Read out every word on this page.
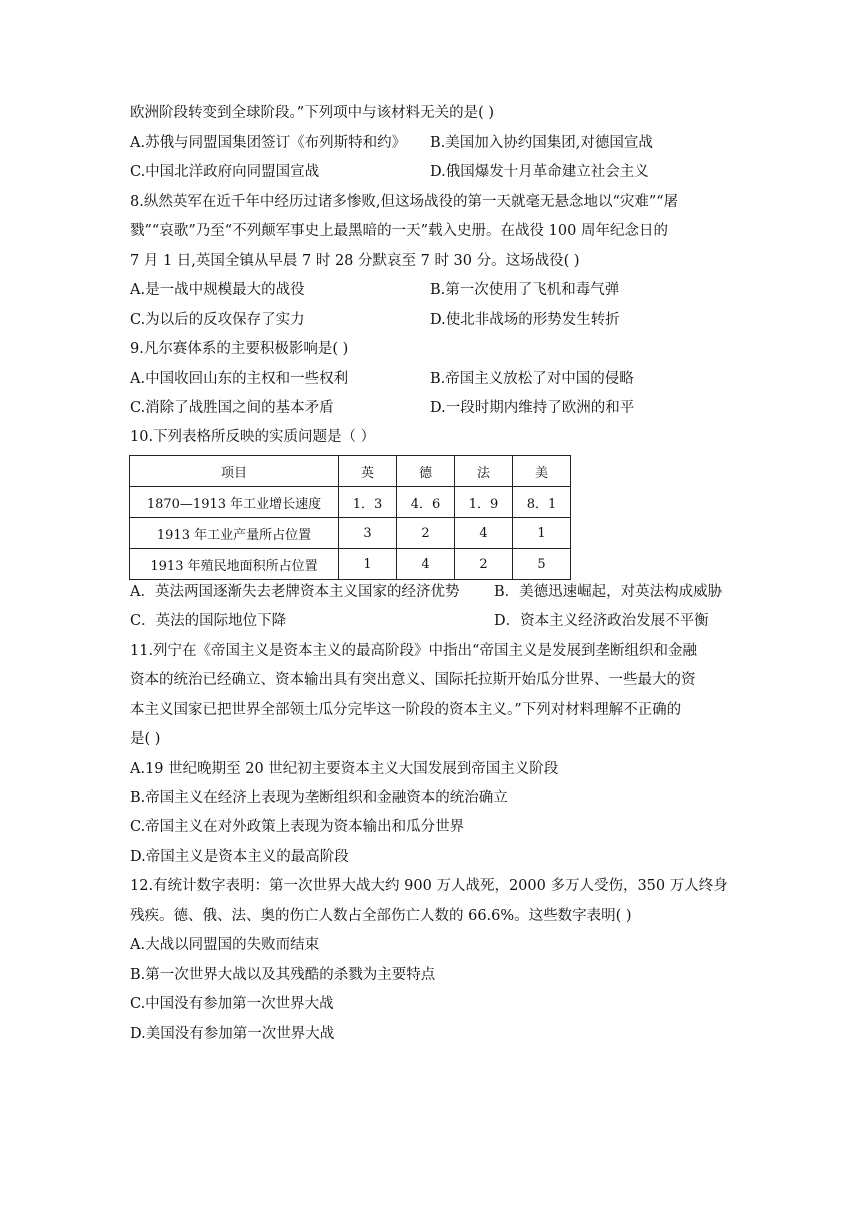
欧洲阶段转变到全球阶段。”下列项中与该材料无关的是( )
A.苏俄与同盟国集团签订《布列斯特和约》 B.美国加入协约国集团,对德国宣战
C.中国北洋政府向同盟国宣战	D.俄国爆发十月革命建立社会主义
8.纵然英军在近千年中经历过诸多惨败,但这场战役的第一天就毫无悬念地以“灾难”“屠
戮”“哀歌”乃至“不列颠军事史上最黑暗的一天”载入史册。在战役 100 周年纪念日的
7 月 1 日,英国全镇从早晨 7 时 28 分默哀至 7 时 30 分。这场战役( )
A.是一战中规模最大的战役	B.第一次使用了飞机和毒气弹
C.为以后的反攻保存了实力	D.使北非战场的形势发生转折
9.凡尔赛体系的主要积极影响是( )
A.中国收回山东的主权和一些权利	B.帝国主义放松了对中国的侵略
C.消除了战胜国之间的基本矛盾	D.一段时期内维持了欧洲的和平
10.下列表格所反映的实质问题是（ ）
项目	英	德	法	美
1870—1913 年工业增长速度	1．3	4．6	1．9	8．1
1913 年工业产量所占位置	3	2	4	1
1913 年殖民地面积所占位置	1	4	2	5
A．英法两国逐渐失去老牌资本主义国家的经济优势 B．美德迅速崛起，对英法构成威胁
C．英法的国际地位下降	D．资本主义经济政治发展不平衡
11.列宁在《帝国主义是资本主义的最高阶段》中指出“帝国主义是发展到垄断组织和金融
资本的统治已经确立、资本输出具有突出意义、国际托拉斯开始瓜分世界、一些最大的资
本主义国家已把世界全部领土瓜分完毕这一阶段的资本主义。”下列对材料理解不正确的
是( )
A.19 世纪晚期至 20 世纪初主要资本主义大国发展到帝国主义阶段
B.帝国主义在经济上表现为垄断组织和金融资本的统治确立
C.帝国主义在对外政策上表现为资本输出和瓜分世界
D.帝国主义是资本主义的最高阶段
12.有统计数字表明：第一次世界大战大约 900 万人战死，2000 多万人受伤，350 万人终身
残疾。德、俄、法、奥的伤亡人数占全部伤亡人数的 66.6%。这些数字表明( )
A.大战以同盟国的失败而结束
B.第一次世界大战以及其残酷的杀戮为主要特点
C.中国没有参加第一次世界大战
D.美国没有参加第一次世界大战
